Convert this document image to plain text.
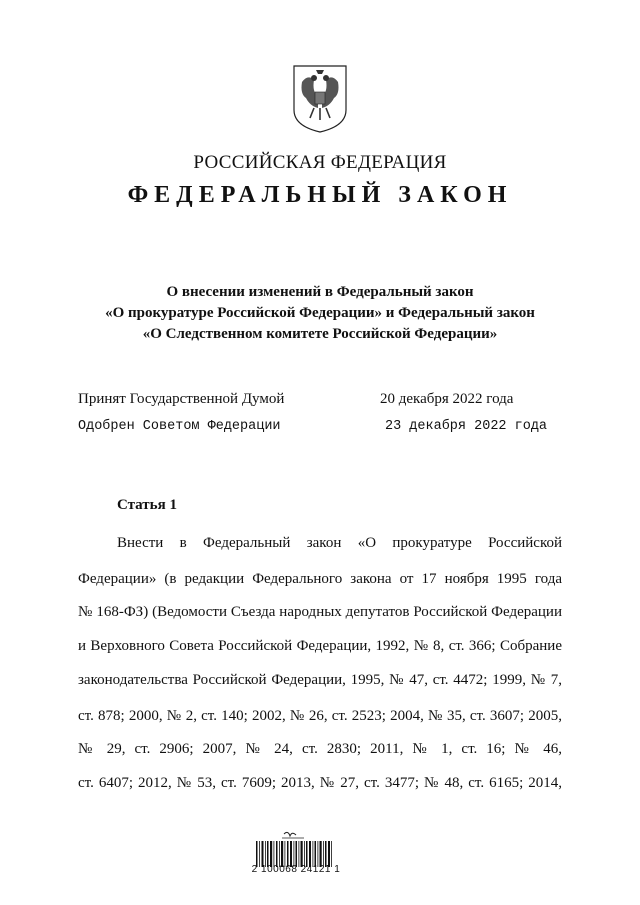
РОССИЙСКАЯ ФЕДЕРАЦИЯ
ФЕДЕРАЛЬНЫЙ ЗАКОН
О внесении изменений в Федеральный закон
«О прокуратуре Российской Федерации» и Федеральный закон
«О Следственном комитете Российской Федерации»
Принят Государственной Думой	20 декабря 2022 года
Одобрен Советом Федерации	23 декабря 2022 года
Статья 1
Внести в Федеральный закон «О прокуратуре Российской
Федерации» (в редакции Федерального закона от 17 ноября 1995 года
№ 168-ФЗ) (Ведомости Съезда народных депутатов Российской Федерации
и Верховного Совета Российской Федерации, 1992, № 8, ст. 366; Собрание
законодательства Российской Федерации, 1995, № 47, ст. 4472; 1999, № 7,
ст. 878; 2000, № 2, ст. 140; 2002, № 26, ст. 2523; 2004, № 35, ст. 3607; 2005,
№ 29, ст. 2906; 2007, № 24, ст. 2830; 2011, № 1, ст. 16; № 46,
ст. 6407; 2012, № 53, ст. 7609; 2013, № 27, ст. 3477; № 48, ст. 6165; 2014,
2 100068 24121 1
